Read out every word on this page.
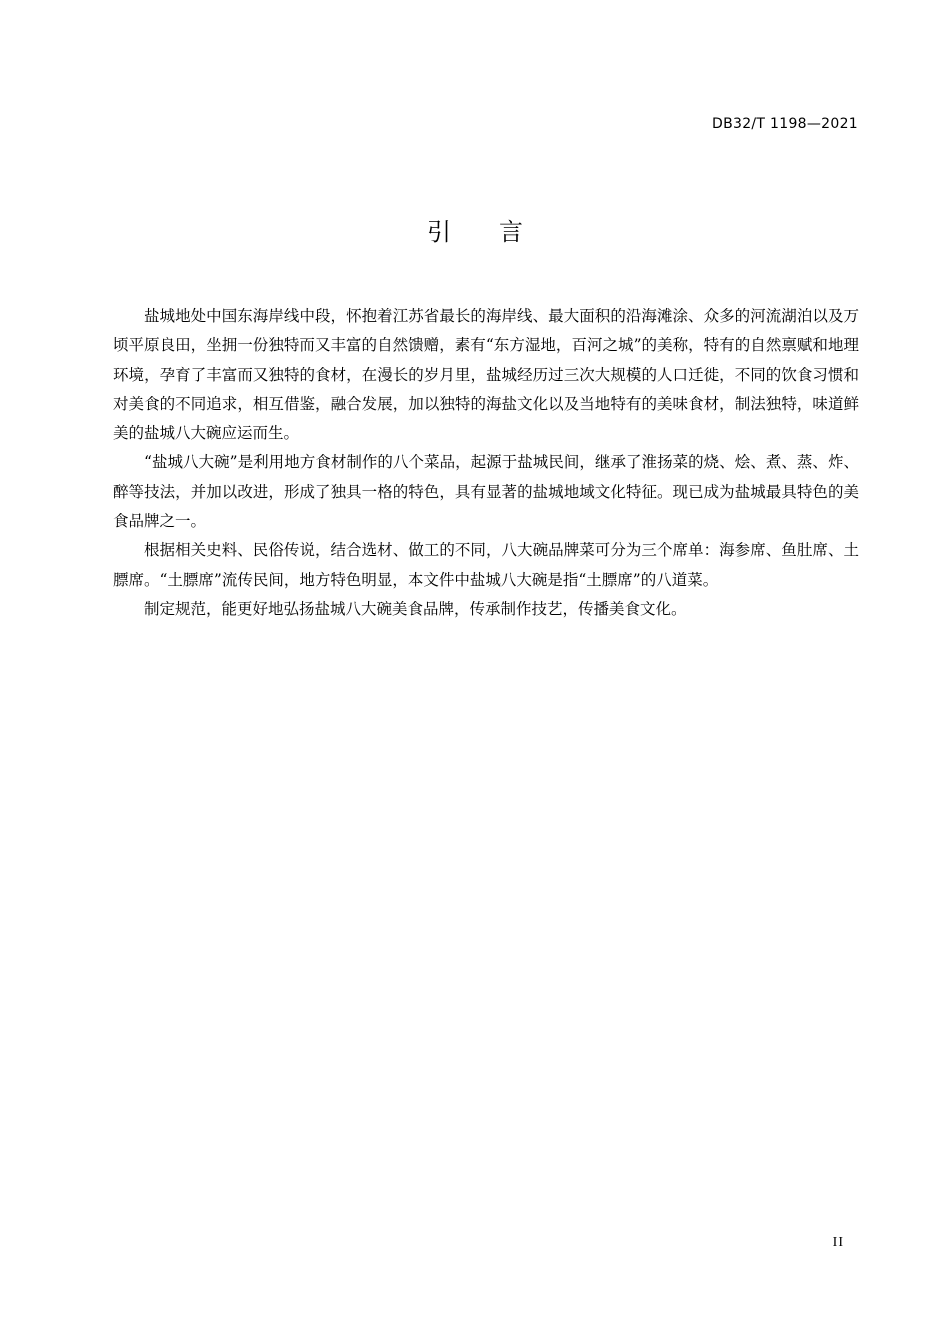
DB32/T 1198—2021
引言

盐城地处中国东海岸线中段，怀抱着江苏省最长的海岸线、最大面积的沿海滩涂、众多的河流湖泊以及万顷平原良田，坐拥一份独特而又丰富的自然馈赠，素有“东方湿地，百河之城”的美称，特有的自然禀赋和地理环境，孕育了丰富而又独特的食材，在漫长的岁月里，盐城经历过三次大规模的人口迁徙，不同的饮食习惯和对美食的不同追求，相互借鉴，融合发展，加以独特的海盐文化以及当地特有的美味食材，制法独特，味道鲜美的盐城八大碗应运而生。

“盐城八大碗”是利用地方食材制作的八个菜品，起源于盐城民间，继承了淮扬菜的烧、烩、煮、蒸、炸、醉等技法，并加以改进，形成了独具一格的特色，具有显著的盐城地域文化特征。现已成为盐城最具特色的美食品牌之一。

根据相关史料、民俗传说，结合选材、做工的不同，八大碗品牌菜可分为三个席单：海参席、鱼肚席、土膘席。“土膘席”流传民间，地方特色明显，本文件中盐城八大碗是指“土膘席”的八道菜。

制定规范，能更好地弘扬盐城八大碗美食品牌，传承制作技艺，传播美食文化。

II
